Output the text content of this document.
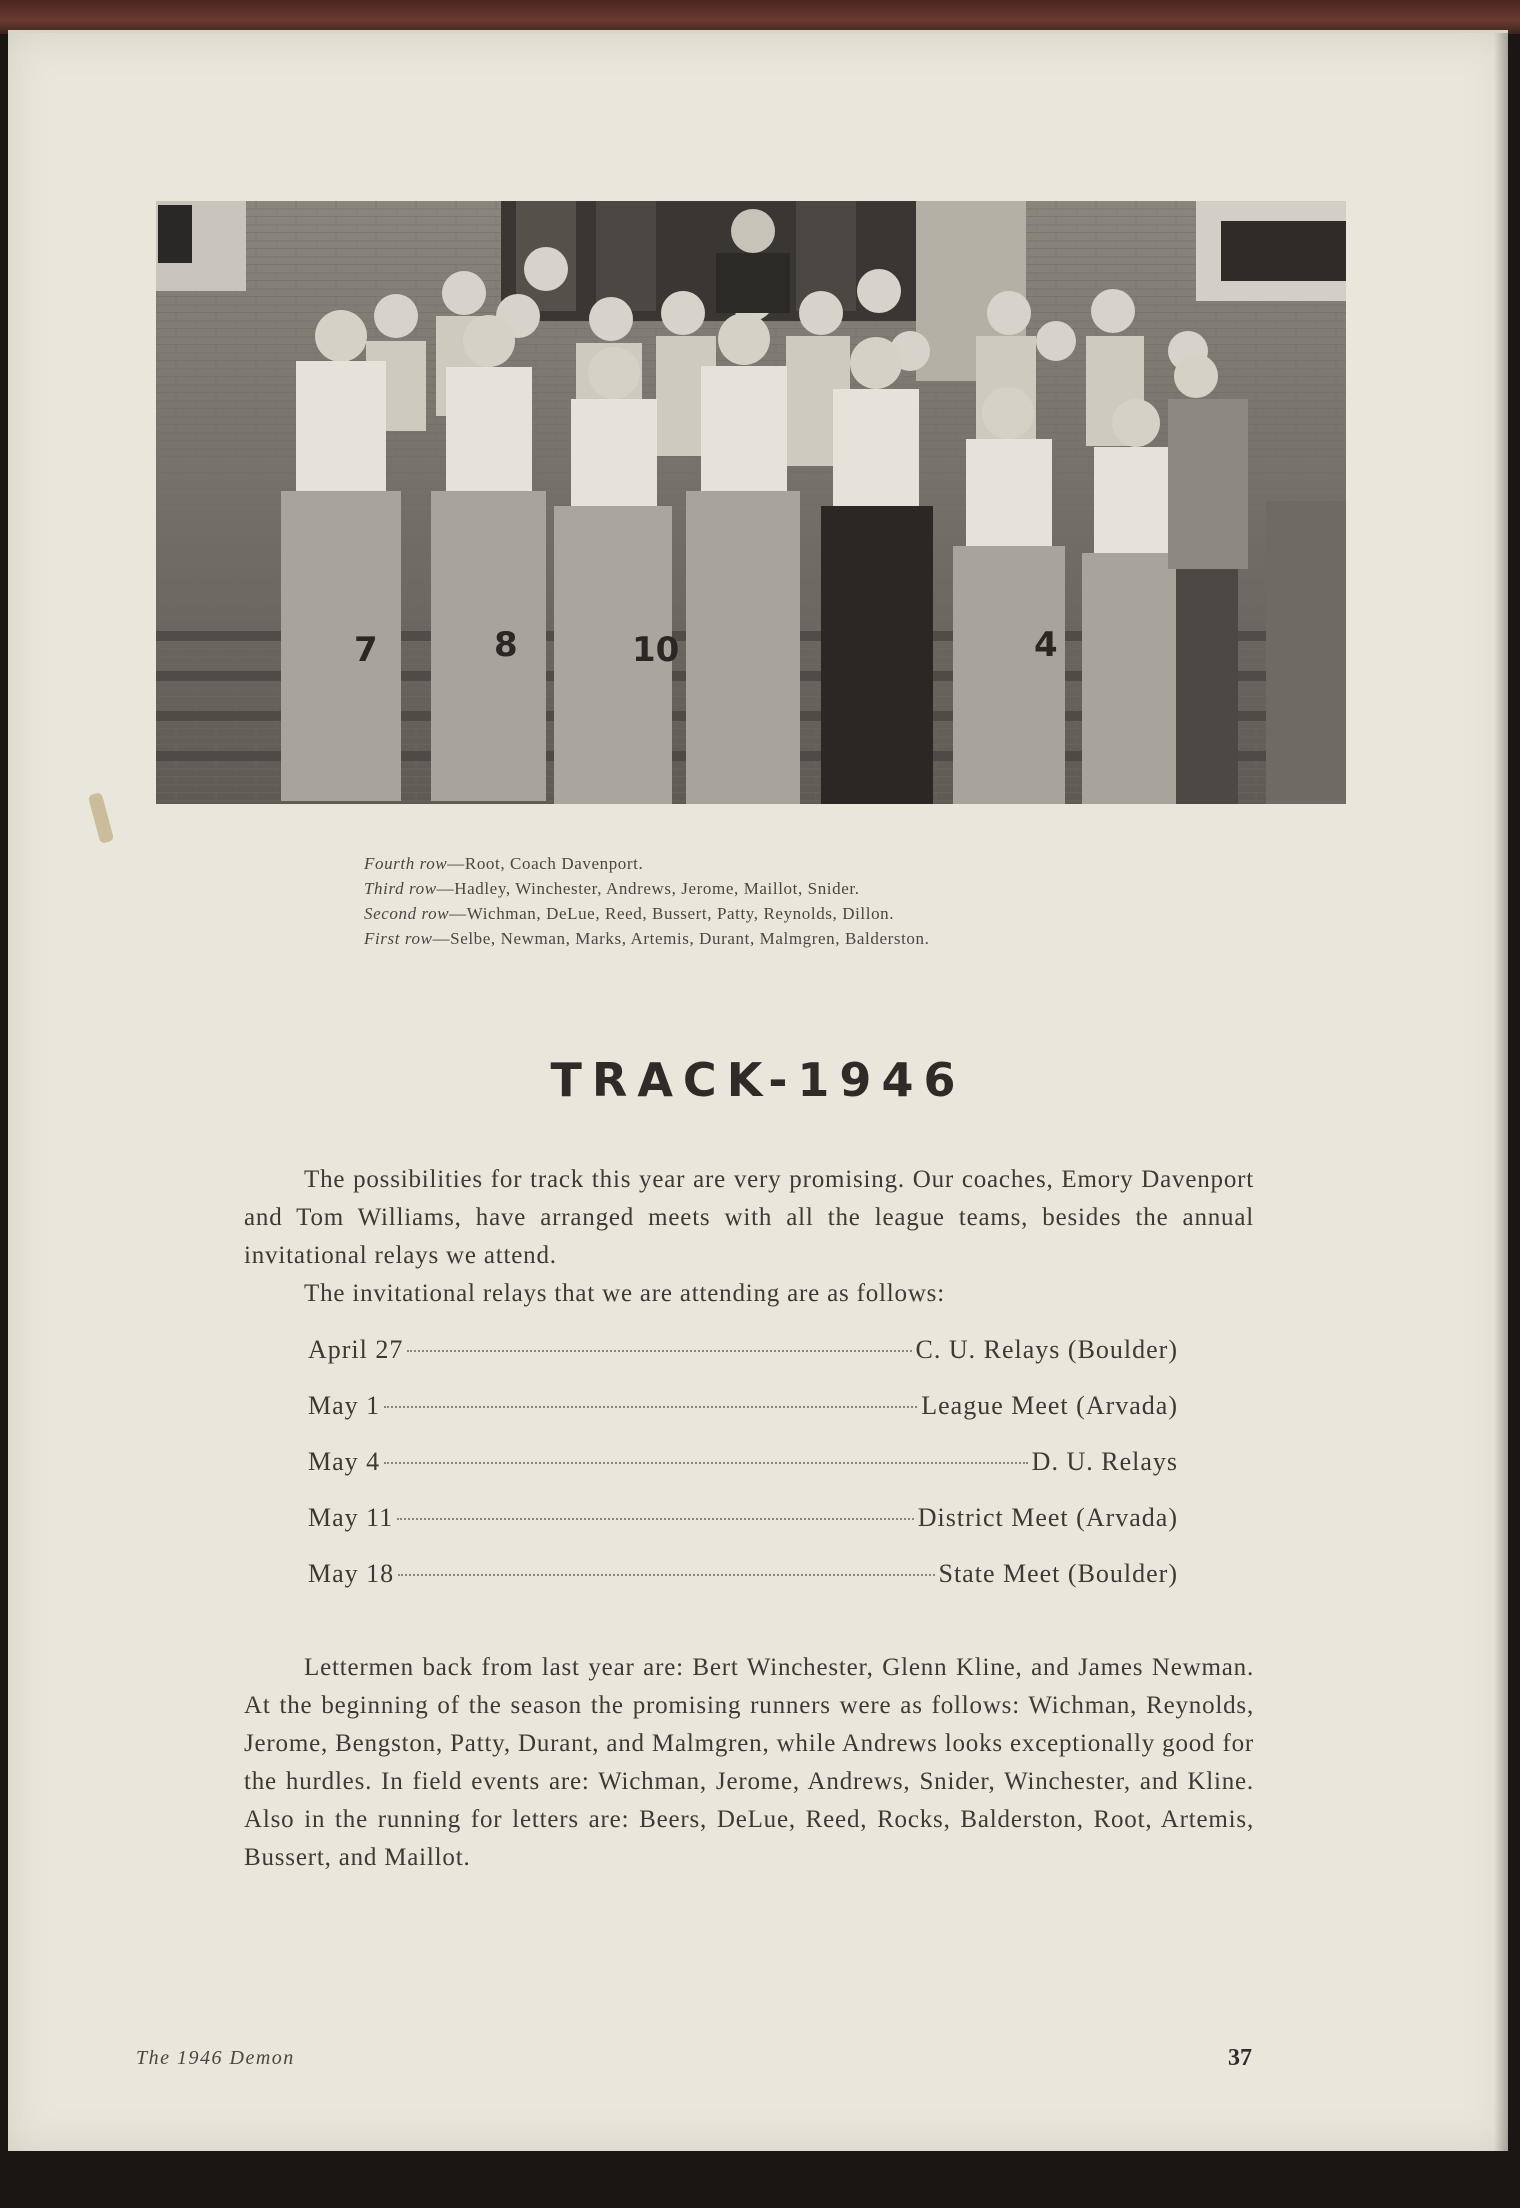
7	8	10	4
Fourth row—Root, Coach Davenport.
Third row—Hadley, Winchester, Andrews, Jerome, Maillot, Snider.
Second row—Wichman, DeLue, Reed, Bussert, Patty, Reynolds, Dillon.
First row—Selbe, Newman, Marks, Artemis, Durant, Malmgren, Balderston.
TRACK-1946
The possibilities for track this year are very promising. Our coaches, Emory Davenport and Tom Williams, have arranged meets with all the league teams, besides the annual invitational relays we attend.
The invitational relays that we are attending are as follows:
April 27	C. U. Relays (Boulder)
May 1	League Meet (Arvada)
May 4	D. U. Relays
May 11	District Meet (Arvada)
May 18	State Meet (Boulder)
Lettermen back from last year are: Bert Winchester, Glenn Kline, and James Newman. At the beginning of the season the promising runners were as follows: Wichman, Reynolds, Jerome, Bengston, Patty, Durant, and Malmgren, while Andrews looks exceptionally good for the hurdles. In field events are: Wichman, Jerome, Andrews, Snider, Winchester, and Kline. Also in the running for letters are: Beers, DeLue, Reed, Rocks, Balderston, Root, Artemis, Bussert, and Maillot.
The 1946 Demon	37
